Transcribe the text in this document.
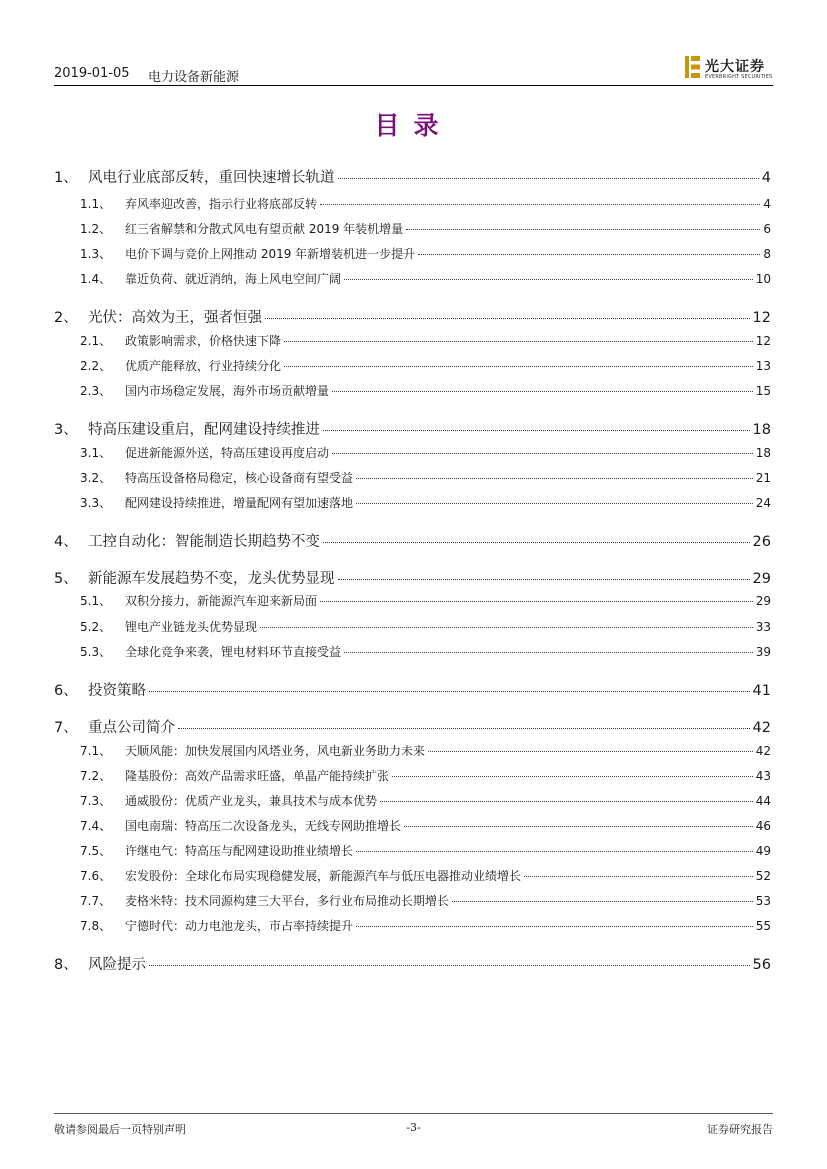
2019-01-05 电力设备新能源
光大证券
EVERBRIGHT SECURITIES
目录
1、 风电行业底部反转，重回快速增长轨道	4
1.1、	弃风率迎改善，指示行业将底部反转	4
1.2、	红三省解禁和分散式风电有望贡献 2019 年装机增量	6
1.3、	电价下调与竞价上网推动 2019 年新增装机进一步提升	8
1.4、	靠近负荷、就近消纳，海上风电空间广阔	10
2、 光伏：高效为王，强者恒强	12
2.1、	政策影响需求，价格快速下降	12
2.2、	优质产能释放，行业持续分化	13
2.3、	国内市场稳定发展，海外市场贡献增量	15
3、 特高压建设重启，配网建设持续推进	18
3.1、	促进新能源外送，特高压建设再度启动	18
3.2、	特高压设备格局稳定，核心设备商有望受益	21
3.3、	配网建设持续推进，增量配网有望加速落地	24
4、 工控自动化：智能制造长期趋势不变	26
5、 新能源车发展趋势不变，龙头优势显现	29
5.1、	双积分接力，新能源汽车迎来新局面	29
5.2、	锂电产业链龙头优势显现	33
5.3、	全球化竞争来袭，锂电材料环节直接受益	39
6、 投资策略	41
7、 重点公司简介	42
7.1、	天顺风能：加快发展国内风塔业务，风电新业务助力未来	42
7.2、	隆基股份：高效产品需求旺盛，单晶产能持续扩张	43
7.3、	通威股份：优质产业龙头，兼具技术与成本优势	44
7.4、	国电南瑞：特高压二次设备龙头，无线专网助推增长	46
7.5、	许继电气：特高压与配网建设助推业绩增长	49
7.6、	宏发股份：全球化布局实现稳健发展，新能源汽车与低压电器推动业绩增长	52
7.7、	麦格米特：技术同源构建三大平台，多行业布局推动长期增长	53
7.8、	宁德时代：动力电池龙头，市占率持续提升	55
8、 风险提示	56
敬请参阅最后一页特别声明	-3-	证券研究报告
